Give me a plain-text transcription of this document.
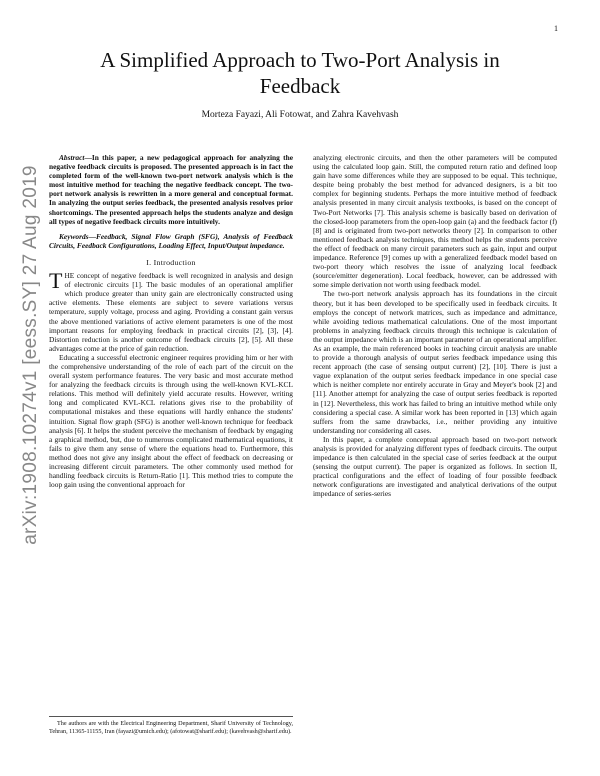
1
arXiv:1908.10274v1 [eess.SY] 27 Aug 2019
A Simplified Approach to Two-Port Analysis in Feedback
Morteza Fayazi, Ali Fotowat, and Zahra Kavehvash

Abstract—In this paper, a new pedagogical approach for analyzing the negative feedback circuits is proposed. The presented approach is in fact the completed form of the well-known two-port network analysis which is the most intuitive method for teaching the negative feedback concept. The two-port network analysis is rewritten in a more general and conceptual format. In analyzing the output series feedback, the presented analysis resolves prior shortcomings. The presented approach helps the students analyze and design all types of negative feedback circuits more intuitively.

Keywords—Feedback, Signal Flow Graph (SFG), Analysis of Feedback Circuits, Feedback Configurations, Loading Effect, Input/Output impedance.

I. Introduction

THE concept of negative feedback is well recognized in analysis and design of electronic circuits [1]. The basic modules of an operational amplifier which produce greater than unity gain are electronically constructed using active elements. These elements are subject to severe variations versus temperature, supply voltage, process and aging. Providing a constant gain versus the above mentioned variations of active element parameters is one of the most important reasons for employing feedback in practical circuits [2], [3], [4]. Distortion reduction is another outcome of feedback circuits [2], [5]. All these advantages come at the price of gain reduction.

Educating a successful electronic engineer requires providing him or her with the comprehensive understanding of the role of each part of the circuit on the overall system performance features. The very basic and most accurate method for analyzing the feedback circuits is through using the well-known KVL-KCL relations. This method will definitely yield accurate results. However, writing long and complicated KVL-KCL relations gives rise to the probability of computational mistakes and these equations will hardly enhance the students' intuition. Signal flow graph (SFG) is another well-known technique for feedback analysis [6]. It helps the student perceive the mechanism of feedback by engaging a graphical method, but, due to numerous complicated mathematical equations, it fails to give them any sense of where the equations head to. Furthermore, this method does not give any insight about the effect of feedback on decreasing or increasing different circuit parameters. The other commonly used method for handling feedback circuits is Return-Ratio [1]. This method tries to compute the loop gain using the conventional approach for

The authors are with the Electrical Engineering Department, Sharif University of Technology, Tehran, 11365-11155, Iran (fayazi@umich.edu); (afotowat@sharif.edu); (kavehvash@sharif.edu).

analyzing electronic circuits, and then the other parameters will be computed using the calculated loop gain. Still, the computed return ratio and defined loop gain have some differences while they are supposed to be equal. This technique, despite being probably the best method for advanced designers, is a bit too complex for beginning students. Perhaps the more intuitive method of feedback analysis presented in many circuit analysis textbooks, is based on the concept of Two-Port Networks [7]. This analysis scheme is basically based on derivation of the closed-loop parameters from the open-loop gain (a) and the feedback factor (f) [8] and is originated from two-port networks theory [2]. In comparison to other mentioned feedback analysis techniques, this method helps the students perceive the effect of feedback on many circuit parameters such as gain, input and output impedance. Reference [9] comes up with a generalized feedback model based on two-port theory which resolves the issue of analyzing local feedback (source/emitter degeneration). Local feedback, however, can be addressed with some simple derivation not worth using feedback model.

The two-port network analysis approach has its foundations in the circuit theory, but it has been developed to be specifically used in feedback circuits. It employs the concept of network matrices, such as impedance and admittance, while avoiding tedious mathematical calculations. One of the most important problems in analyzing feedback circuits through this technique is calculation of the output impedance which is an important parameter of an operational amplifier. As an example, the main referenced books in teaching circuit analysis are unable to provide a thorough analysis of output series feedback impedance using this recent approach (the case of sensing output current) [2], [10]. There is just a vague explanation of the output series feedback impedance in one special case which is neither complete nor entirely accurate in Gray and Meyer's book [2] and [11]. Another attempt for analyzing the case of output series feedback is reported in [12]. Nevertheless, this work has failed to bring an intuitive method while only considering a special case. A similar work has been reported in [13] which again suffers from the same drawbacks, i.e., neither providing any intuitive understanding nor considering all cases.

In this paper, a complete conceptual approach based on two-port network analysis is provided for analyzing different types of feedback circuits. The output impedance is then calculated in the special case of series feedback at the output (sensing the output current). The paper is organized as follows. In section II, practical configurations and the effect of loading of four possible feedback network configurations are investigated and analytical derivations of the output impedance of series-series
